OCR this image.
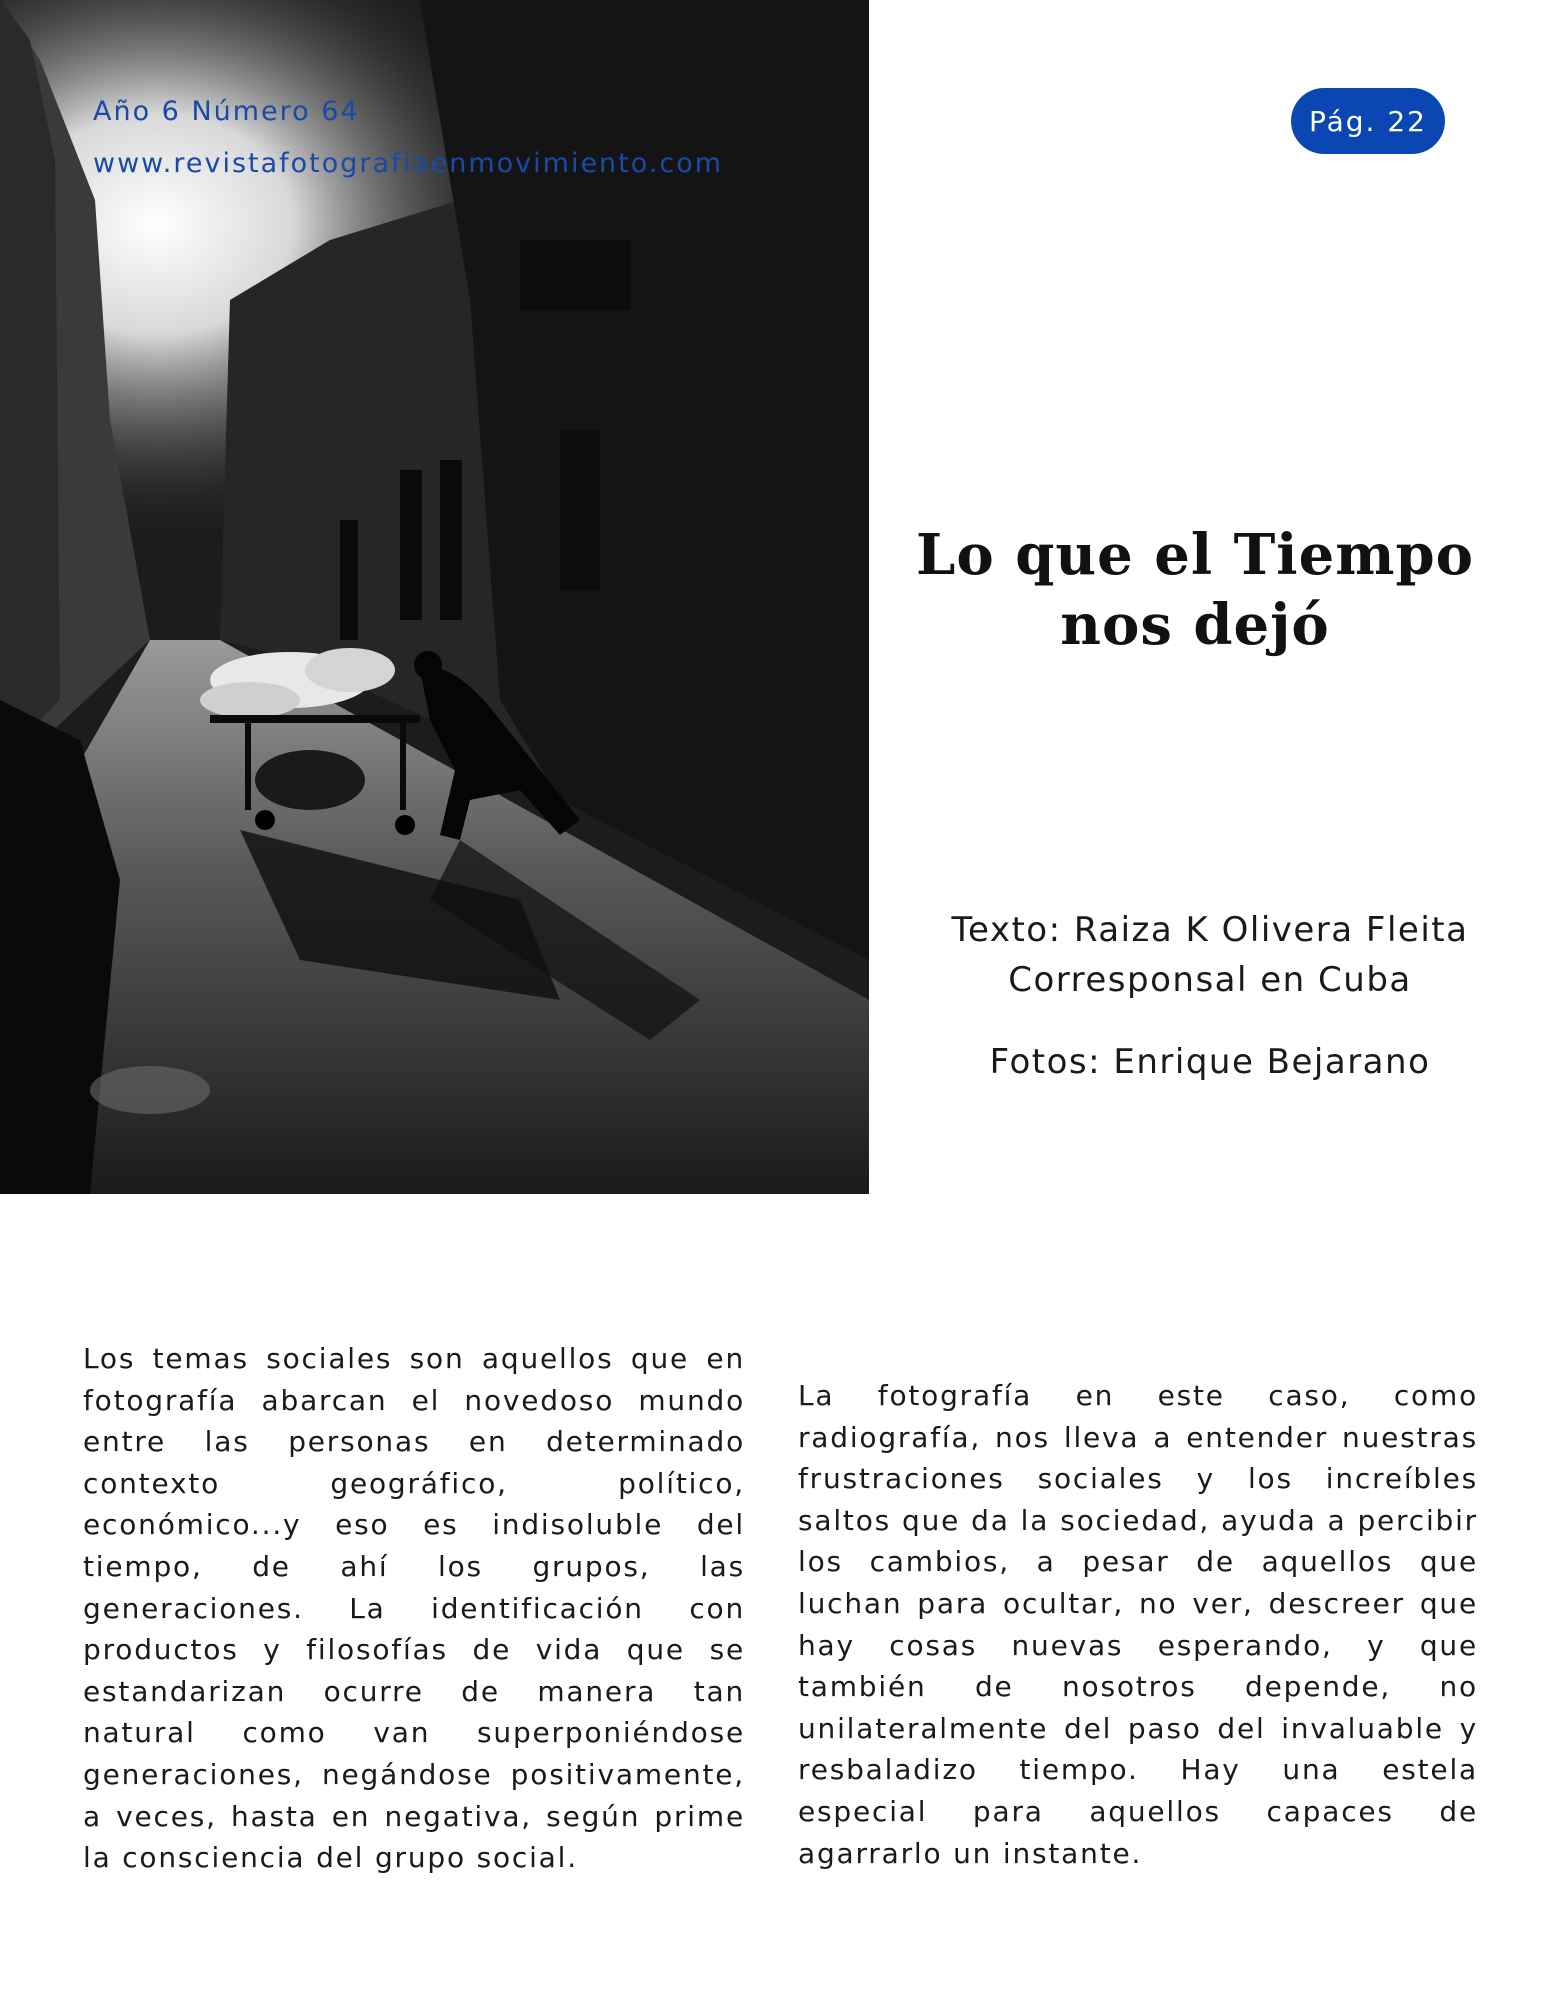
Año 6 Número 64
www.revistafotografiaenmovimiento.com
Pág. 22
Lo que el Tiempo
nos dejó
Texto: Raiza K Olivera Fleita
Corresponsal en Cuba
Fotos: Enrique Bejarano
Los temas sociales son aquellos que en fotografía abarcan el novedoso mundo entre las personas en determinado contexto geográfico, político, económico...y eso es indisoluble del tiempo, de ahí los grupos, las generaciones. La identificación con productos y filosofías de vida que se estandarizan ocurre de manera tan natural como van superponiéndose generaciones, negándose positivamente, a veces, hasta en negativa, según prime la consciencia del grupo social.
La fotografía en este caso, como radiografía, nos lleva a entender nuestras frustraciones sociales y los increíbles saltos que da la sociedad, ayuda a percibir los cambios, a pesar de aquellos que luchan para ocultar, no ver, descreer que hay cosas nuevas esperando, y que también de nosotros depende, no unilateralmente del paso del invaluable y resbaladizo tiempo. Hay una estela especial para aquellos capaces de agarrarlo un instante.
